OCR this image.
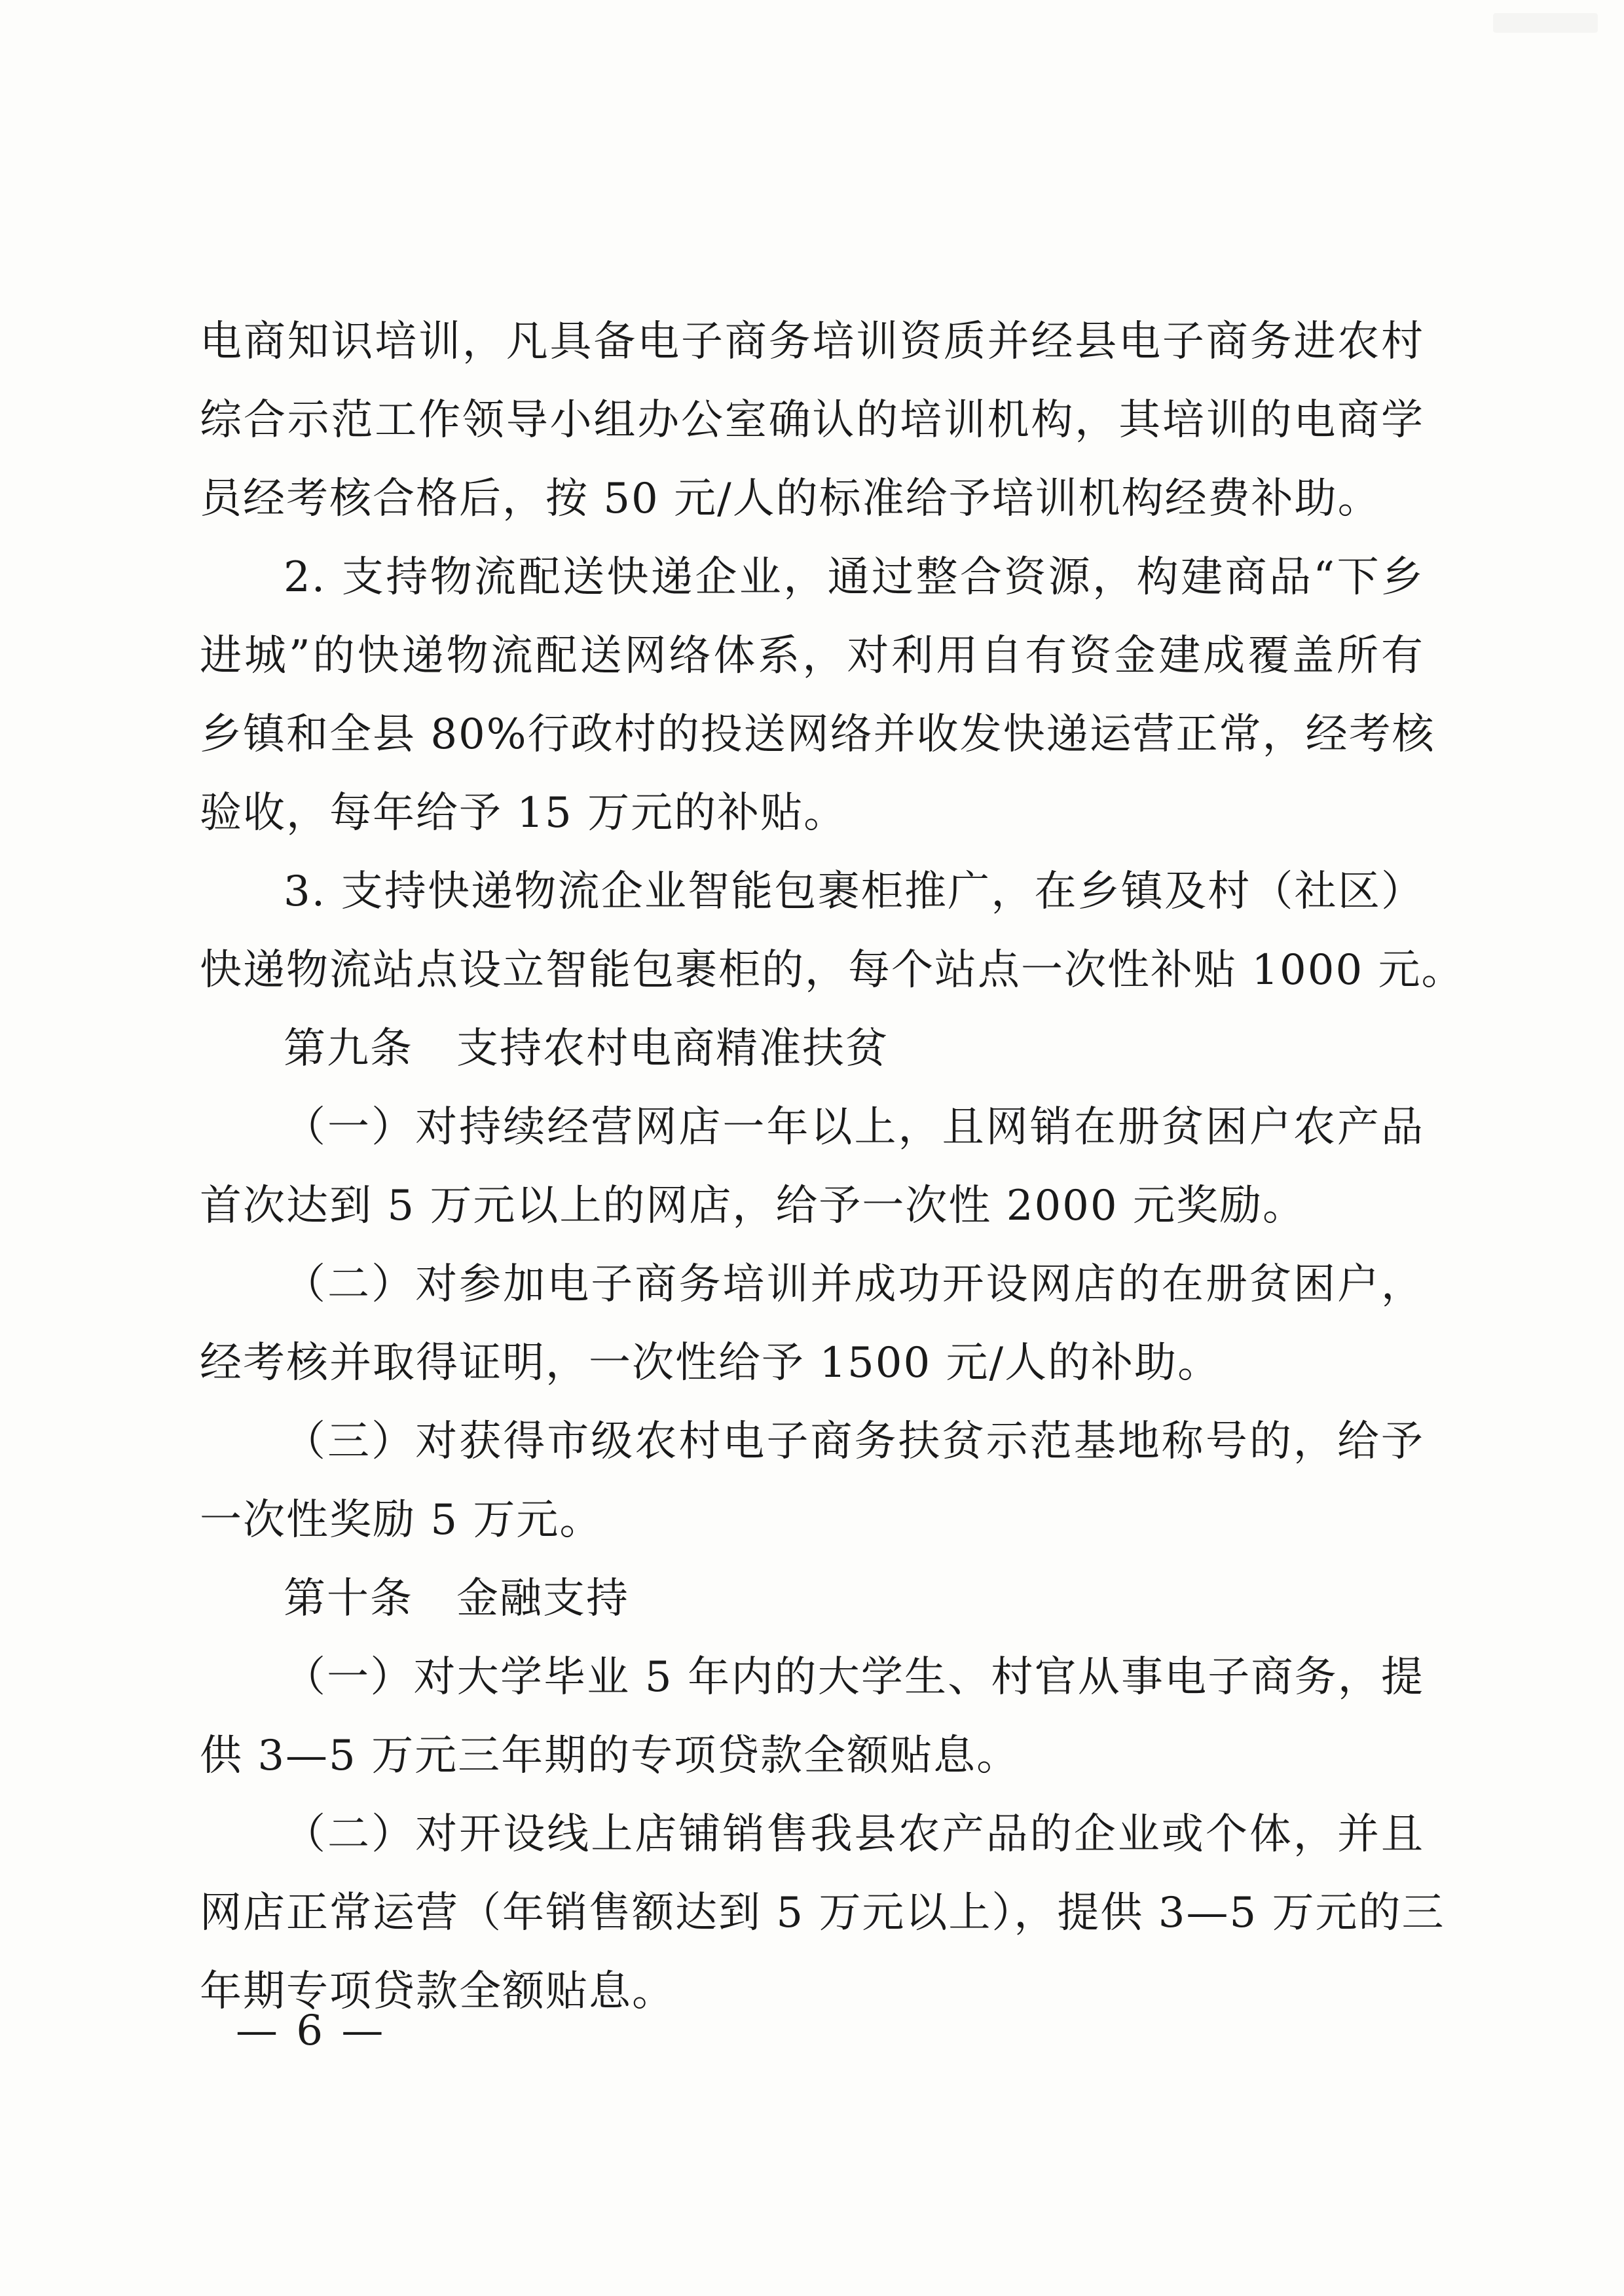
电商知识培训，凡具备电子商务培训资质并经县电子商务进农村
综合示范工作领导小组办公室确认的培训机构，其培训的电商学
员经考核合格后，按 50 元/人的标准给予培训机构经费补助。
2. 支持物流配送快递企业，通过整合资源，构建商品“下乡
进城”的快递物流配送网络体系，对利用自有资金建成覆盖所有
乡镇和全县 80%行政村的投送网络并收发快递运营正常，经考核
验收，每年给予 15 万元的补贴。
3. 支持快递物流企业智能包裹柜推广，在乡镇及村（社区）
快递物流站点设立智能包裹柜的，每个站点一次性补贴 1000 元。
第九条　支持农村电商精准扶贫
（一）对持续经营网店一年以上，且网销在册贫困户农产品
首次达到 5 万元以上的网店，给予一次性 2000 元奖励。
（二）对参加电子商务培训并成功开设网店的在册贫困户，
经考核并取得证明，一次性给予 1500 元/人的补助。
（三）对获得市级农村电子商务扶贫示范基地称号的，给予
一次性奖励 5 万元。
第十条　金融支持
（一）对大学毕业 5 年内的大学生、村官从事电子商务，提
供 3—5 万元三年期的专项贷款全额贴息。
（二）对开设线上店铺销售我县农产品的企业或个体，并且
网店正常运营（年销售额达到 5 万元以上），提供 3—5 万元的三
年期专项贷款全额贴息。
— 6 —
